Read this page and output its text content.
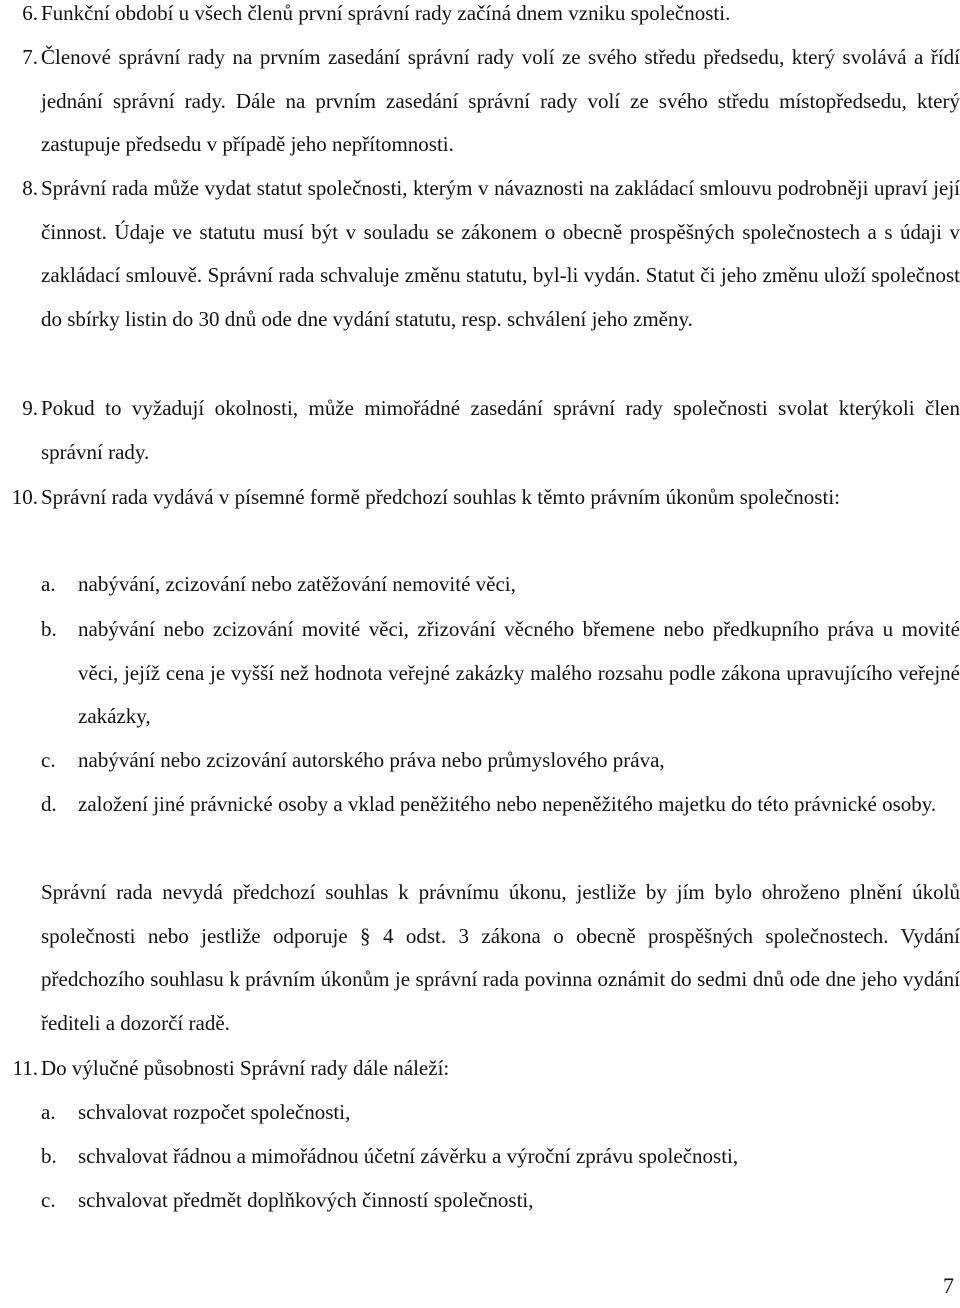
6. Funkční období u všech členů první správní rady začíná dnem vzniku společnosti.
7. Členové správní rady na prvním zasedání správní rady volí ze svého středu předsedu, který svolává a řídí jednání správní rady. Dále na prvním zasedání správní rady volí ze svého středu místopředsedu, který zastupuje předsedu v případě jeho nepřítomnosti.
8. Správní rada může vydat statut společnosti, kterým v návaznosti na zakládací smlouvu podrobněji upraví její činnost. Údaje ve statutu musí být v souladu se zákonem o obecně prospěšných společnostech a s údaji v zakládací smlouvě. Správní rada schvaluje změnu statutu, byl-li vydán. Statut či jeho změnu uloží společnost do sbírky listin do 30 dnů ode dne vydání statutu, resp. schválení jeho změny.
9. Pokud to vyžadují okolnosti, může mimořádné zasedání správní rady společnosti svolat kterýkoli člen správní rady.
10. Správní rada vydává v písemné formě předchozí souhlas k těmto právním úkonům společnosti:
a.	nabývání, zcizování nebo zatěžování nemovité věci,
b.	nabývání nebo zcizování movité věci, zřizování věcného břemene nebo předkupního práva u movité věci, jejíž cena je vyšší než hodnota veřejné zakázky malého rozsahu podle zákona upravujícího veřejné zakázky,
c.	nabývání nebo zcizování autorského práva nebo průmyslového práva,
d.	založení jiné právnické osoby a vklad peněžitého nebo nepeněžitého majetku do této právnické osoby.
Správní rada nevydá předchozí souhlas k právnímu úkonu, jestliže by jím bylo ohroženo plnění úkolů společnosti nebo jestliže odporuje § 4 odst. 3 zákona o obecně prospěšných společnostech. Vydání předchozího souhlasu k právním úkonům je správní rada povinna oznámit do sedmi dnů ode dne jeho vydání řediteli a dozorčí radě.
11. Do výlučné působnosti Správní rady dále náleží:
a.	schvalovat rozpočet společnosti,
b.	schvalovat řádnou a mimořádnou účetní závěrku a výroční zprávu společnosti,
c.	schvalovat předmět doplňkových činností společnosti,
7
